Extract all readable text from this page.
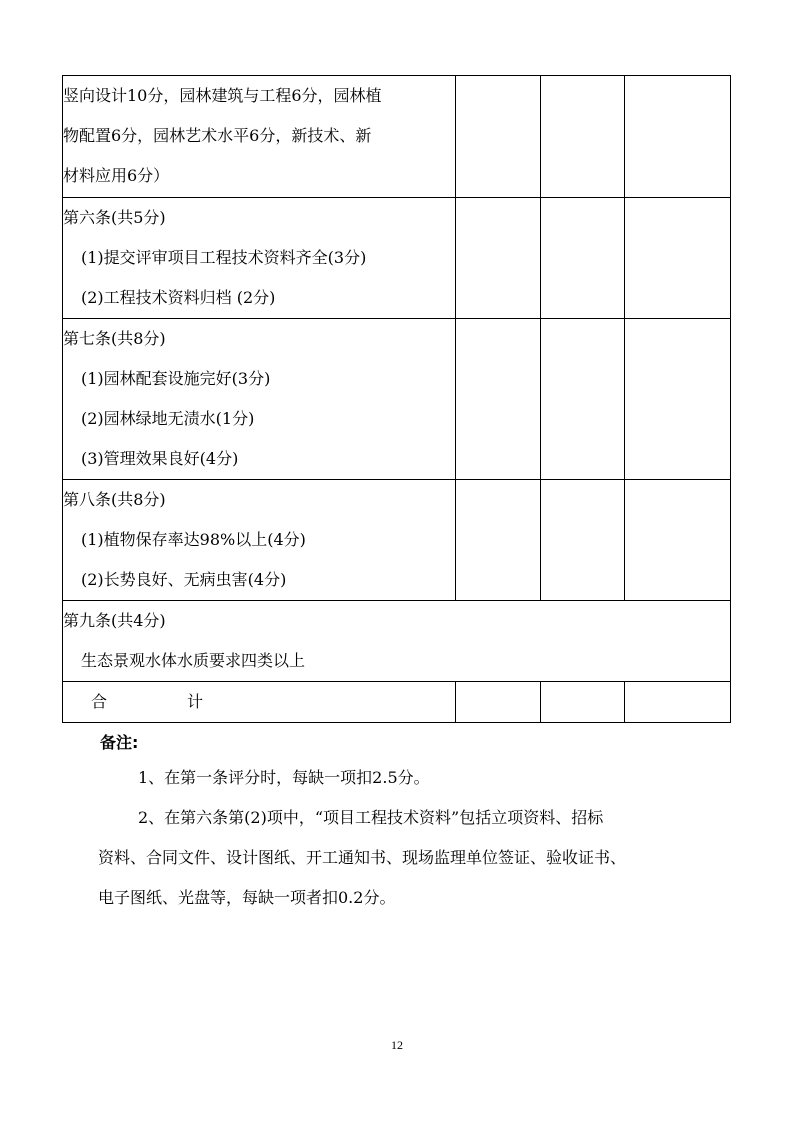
竖向设计10分，园林建筑与工程6分，园林植
物配置6分，园林艺术水平6分，新技术、新
材料应用6分）			

第六条(共5分)
(1)提交评审项目工程技术资料齐全(3分)
(2)工程技术资料归档 (2分)			

第七条(共8分)
(1)园林配套设施完好(3分)
(2)园林绿地无渍水(1分)
(3)管理效果良好(4分)			

第八条(共8分)
(1)植物保存率达98%以上(4分)
(2)长势良好、无病虫害(4分)			

第九条(共4分)
生态景观水体水质要求四类以上			

合 计			

备注:
1、在第一条评分时，每缺一项扣2.5分。
2、在第六条第(2)项中，“项目工程技术资料”包括立项资料、招标
资料、合同文件、设计图纸、开工通知书、现场监理单位签证、验收证书、
电子图纸、光盘等，每缺一项者扣0.2分。
12
